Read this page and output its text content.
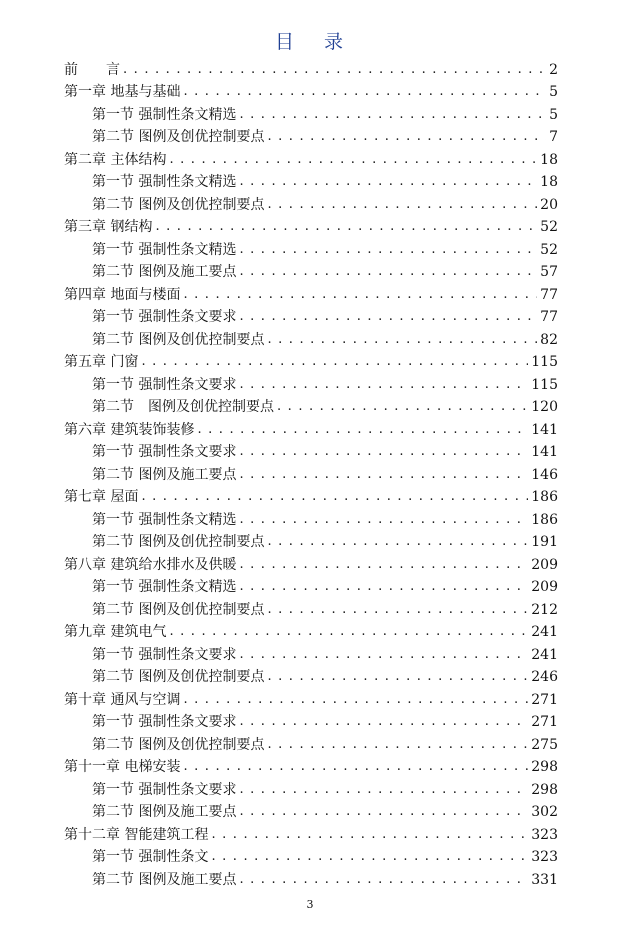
目 录
前　　言 . . .	2
第一章 地基与基础 . . .	5
第一节 强制性条文精选 . . .	5
第二节 图例及创优控制要点 . . .	7
第二章 主体结构 . . .	18
第一节 强制性条文精选 . . .	18
第二节 图例及创优控制要点 . . .	20
第三章 钢结构 . . .	52
第一节 强制性条文精选 . . .	52
第二节 图例及施工要点 . . .	57
第四章 地面与楼面 . . .	77
第一节 强制性条文要求 . . .	77
第二节 图例及创优控制要点 . . .	82
第五章 门窗 . . .	115
第一节 强制性条文要求 . . .	115
第二节　图例及创优控制要点 . . .	120
第六章 建筑装饰装修 . . .	141
第一节 强制性条文要求 . . .	141
第二节 图例及施工要点 . . .	146
第七章 屋面 . . .	186
第一节 强制性条文精选 . . .	186
第二节 图例及创优控制要点 . . .	191
第八章 建筑给水排水及供暖 . . .	209
第一节 强制性条文精选 . . .	209
第二节 图例及创优控制要点 . . .	212
第九章 建筑电气 . . .	241
第一节 强制性条文要求 . . .	241
第二节 图例及创优控制要点 . . .	246
第十章 通风与空调 . . .	271
第一节 强制性条文要求 . . .	271
第二节 图例及创优控制要点 . . .	275
第十一章 电梯安装 . . .	298
第一节 强制性条文要求 . . .	298
第二节 图例及施工要点 . . .	302
第十二章 智能建筑工程 . . .	323
第一节 强制性条文 . . .	323
第二节 图例及施工要点 . . .	331
3
